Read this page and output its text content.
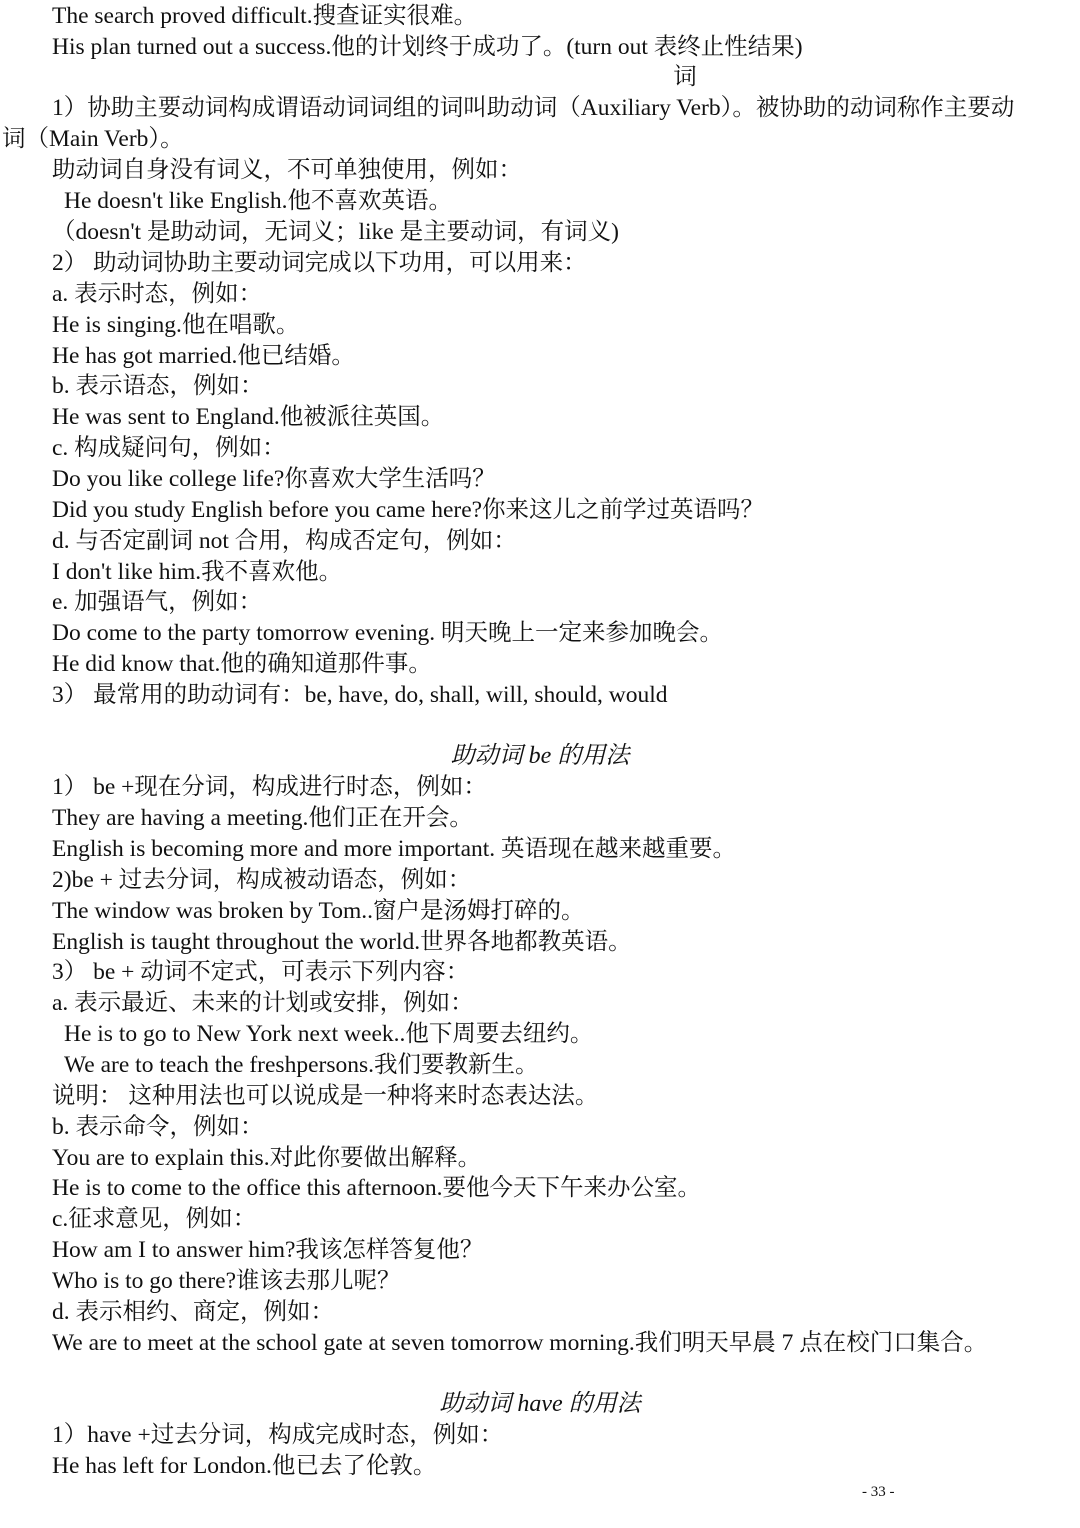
The search proved difficult.搜查证实很难。
His plan turned out a success.他的计划终于成功了。(turn out 表终止性结果)
词
1）协助主要动词构成谓语动词词组的词叫助动词（Auxiliary Verb）。被协助的动词称作主要动
词（Main Verb）。
助动词自身没有词义，不可单独使用，例如：
He doesn't like English.他不喜欢英语。
（doesn't 是助动词，无词义；like 是主要动词，有词义)
2） 助动词协助主要动词完成以下功用，可以用来：
a. 表示时态，例如：
He is singing.他在唱歌。
He has got married.他已结婚。
b. 表示语态，例如：
He was sent to England.他被派往英国。
c. 构成疑问句，例如：
Do you like college life?你喜欢大学生活吗？
Did you study English before you came here?你来这儿之前学过英语吗？
d. 与否定副词 not 合用，构成否定句，例如：
I don't like him.我不喜欢他。
e. 加强语气，例如：
Do come to the party tomorrow evening. 明天晚上一定来参加晚会。
He did know that.他的确知道那件事。
3） 最常用的助动词有：be, have, do, shall, will, should, would
助动词 be 的用法
1） be +现在分词，构成进行时态，例如：
They are having a meeting.他们正在开会。
English is becoming more and more important. 英语现在越来越重要。
2)be + 过去分词，构成被动语态，例如：
The window was broken by Tom..窗户是汤姆打碎的。
English is taught throughout the world.世界各地都教英语。
3） be + 动词不定式，可表示下列内容：
a. 表示最近、未来的计划或安排，例如：
He is to go to New York next week..他下周要去纽约。
We are to teach the freshpersons.我们要教新生。
说明： 这种用法也可以说成是一种将来时态表达法。
b. 表示命令，例如：
You are to explain this.对此你要做出解释。
He is to come to the office this afternoon.要他今天下午来办公室。
c.征求意见，例如：
How am I to answer him?我该怎样答复他？
Who is to go there?谁该去那儿呢？
d. 表示相约、商定，例如：
We are to meet at the school gate at seven tomorrow morning.我们明天早晨 7 点在校门口集合。
助动词 have 的用法
1）have +过去分词，构成完成时态，例如：
He has left for London.他已去了伦敦。
- 33 -
